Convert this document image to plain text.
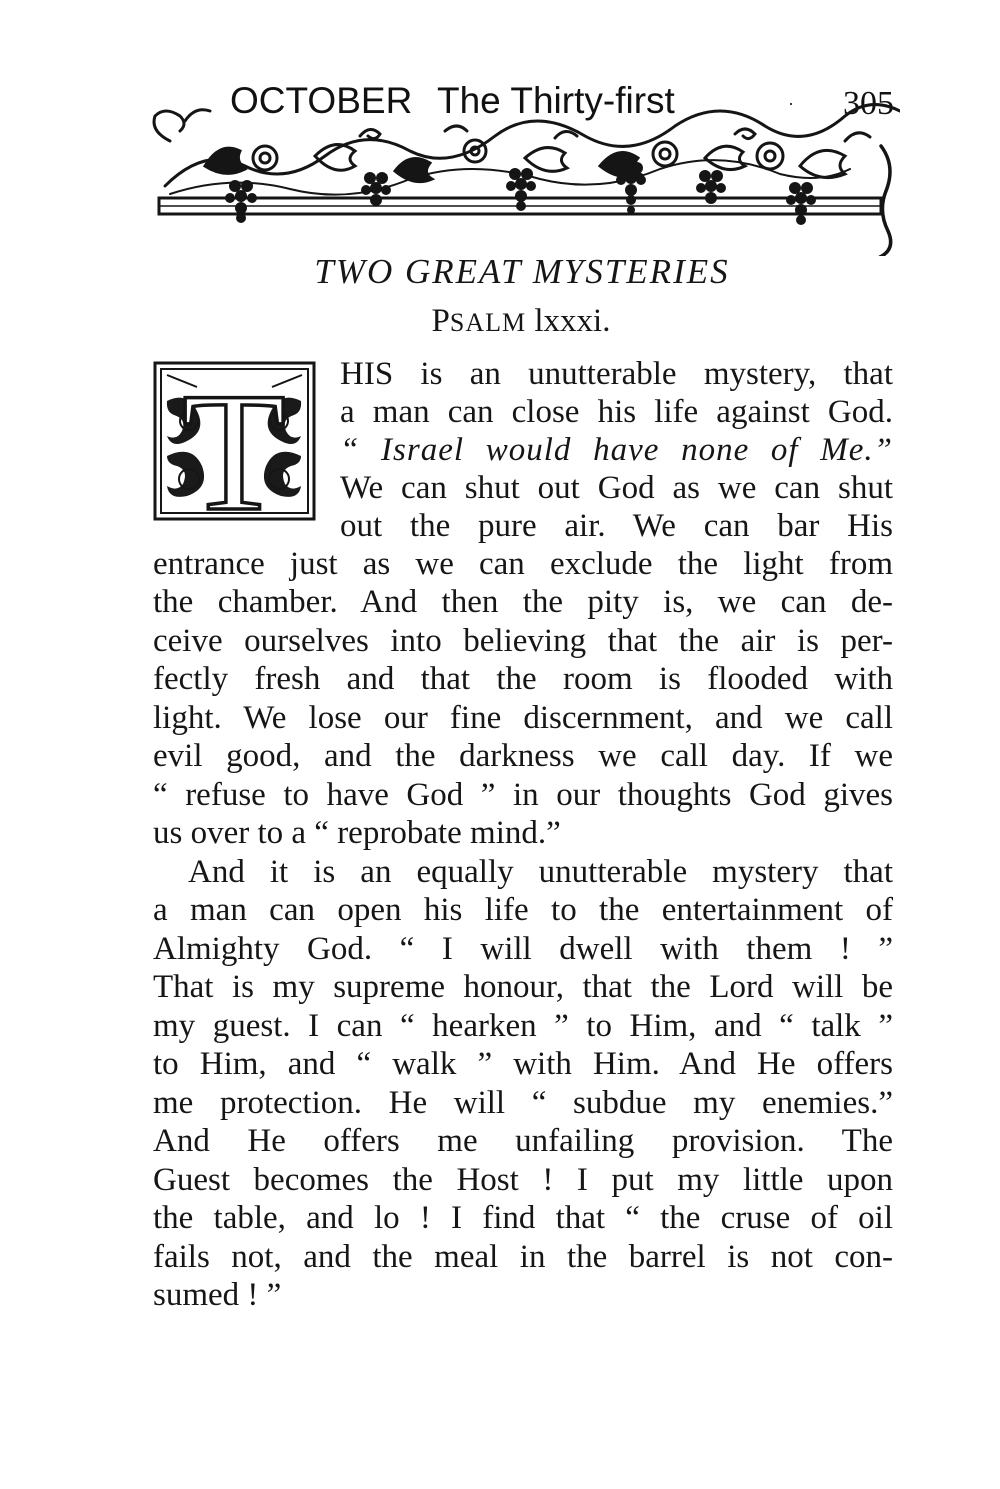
OCTOBER The Thirty-first	· 305
TWO GREAT MYSTERIES
PSALM lxxxi.
T HIS is an unutterable mystery, that
a man can close his life against God.
“ Israel would have none of Me.”
We can shut out God as we can shut
out the pure air. We can bar His
entrance just as we can exclude the light from
the chamber. And then the pity is, we can de-
ceive ourselves into believing that the air is per-
fectly fresh and that the room is flooded with
light. We lose our fine discernment, and we call
evil good, and the darkness we call day. If we
“ refuse to have God ” in our thoughts God gives
us over to a “ reprobate mind.”
And it is an equally unutterable mystery that
a man can open his life to the entertainment of
Almighty God. “ I will dwell with them ! ”
That is my supreme honour, that the Lord will be
my guest. I can “ hearken ” to Him, and “ talk ”
to Him, and “ walk ” with Him. And He offers
me protection. He will “ subdue my enemies.”
And He offers me unfailing provision. The
Guest becomes the Host ! I put my little upon
the table, and lo ! I find that “ the cruse of oil
fails not, and the meal in the barrel is not con-
sumed ! ”
